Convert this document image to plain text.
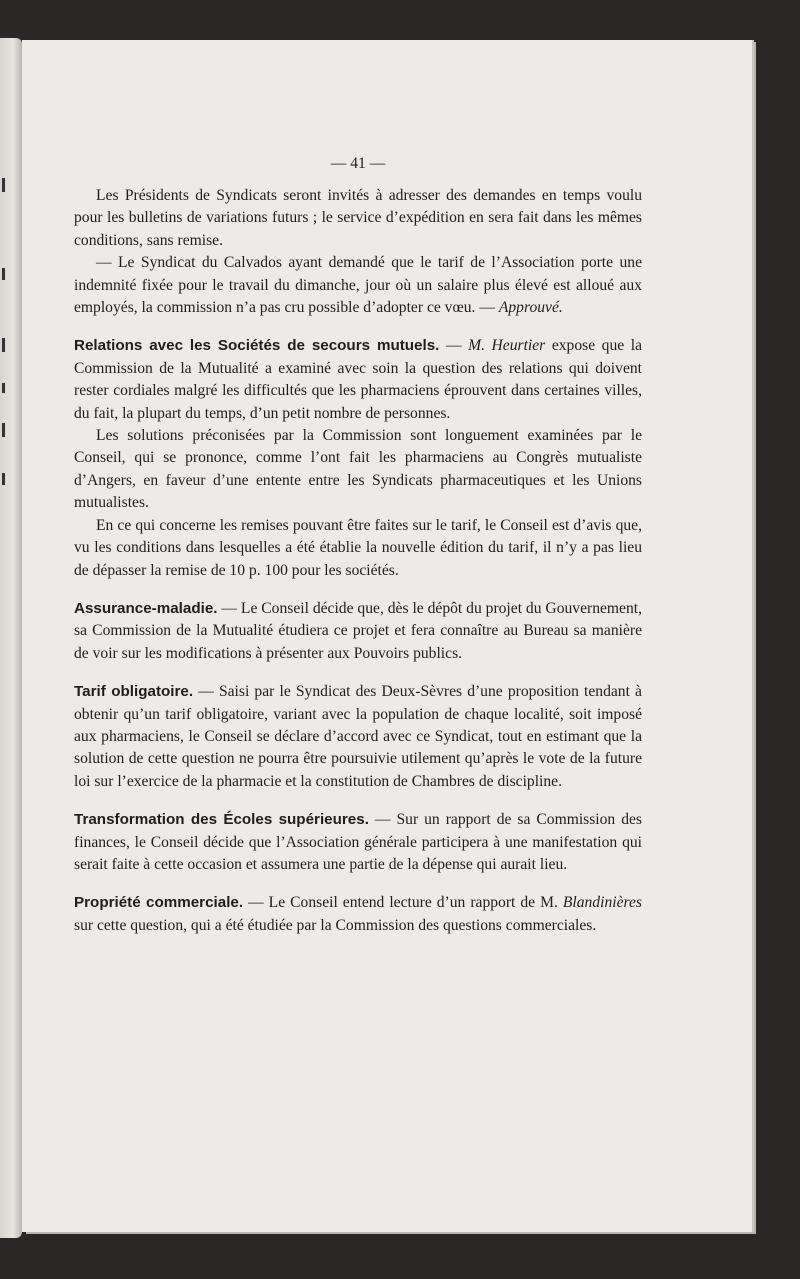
— 41 —

Les Présidents de Syndicats seront invités à adresser des demandes en temps voulu pour les bulletins de variations futurs ; le service d’expédition en sera fait dans les mêmes conditions, sans remise.

— Le Syndicat du Calvados ayant demandé que le tarif de l’Association porte une indemnité fixée pour le travail du dimanche, jour où un salaire plus élevé est alloué aux employés, la commission n’a pas cru possible d’adopter ce vœu. — Approuvé.

Relations avec les Sociétés de secours mutuels. — M. Heurtier expose que la Commission de la Mutualité a examiné avec soin la question des relations qui doivent rester cordiales malgré les difficultés que les pharmaciens éprouvent dans certaines villes, du fait, la plupart du temps, d’un petit nombre de personnes.

Les solutions préconisées par la Commission sont longuement examinées par le Conseil, qui se prononce, comme l’ont fait les pharmaciens au Congrès mutualiste d’Angers, en faveur d’une entente entre les Syndicats pharmaceutiques et les Unions mutualistes.

En ce qui concerne les remises pouvant être faites sur le tarif, le Conseil est d’avis que, vu les conditions dans lesquelles a été établie la nouvelle édition du tarif, il n’y a pas lieu de dépasser la remise de 10 p. 100 pour les sociétés.

Assurance-maladie. — Le Conseil décide que, dès le dépôt du projet du Gouvernement, sa Commission de la Mutualité étudiera ce projet et fera connaître au Bureau sa manière de voir sur les modifications à présenter aux Pouvoirs publics.

Tarif obligatoire. — Saisi par le Syndicat des Deux-Sèvres d’une proposition tendant à obtenir qu’un tarif obligatoire, variant avec la population de chaque localité, soit imposé aux pharmaciens, le Conseil se déclare d’accord avec ce Syndicat, tout en estimant que la solution de cette question ne pourra être poursuivie utilement qu’après le vote de la future loi sur l’exercice de la pharmacie et la constitution de Chambres de discipline.

Transformation des Écoles supérieures. — Sur un rapport de sa Commission des finances, le Conseil décide que l’Association générale participera à une manifestation qui serait faite à cette occasion et assumera une partie de la dépense qui aurait lieu.

Propriété commerciale. — Le Conseil entend lecture d’un rapport de M. Blandinières sur cette question, qui a été étudiée par la Commission des questions commerciales.
